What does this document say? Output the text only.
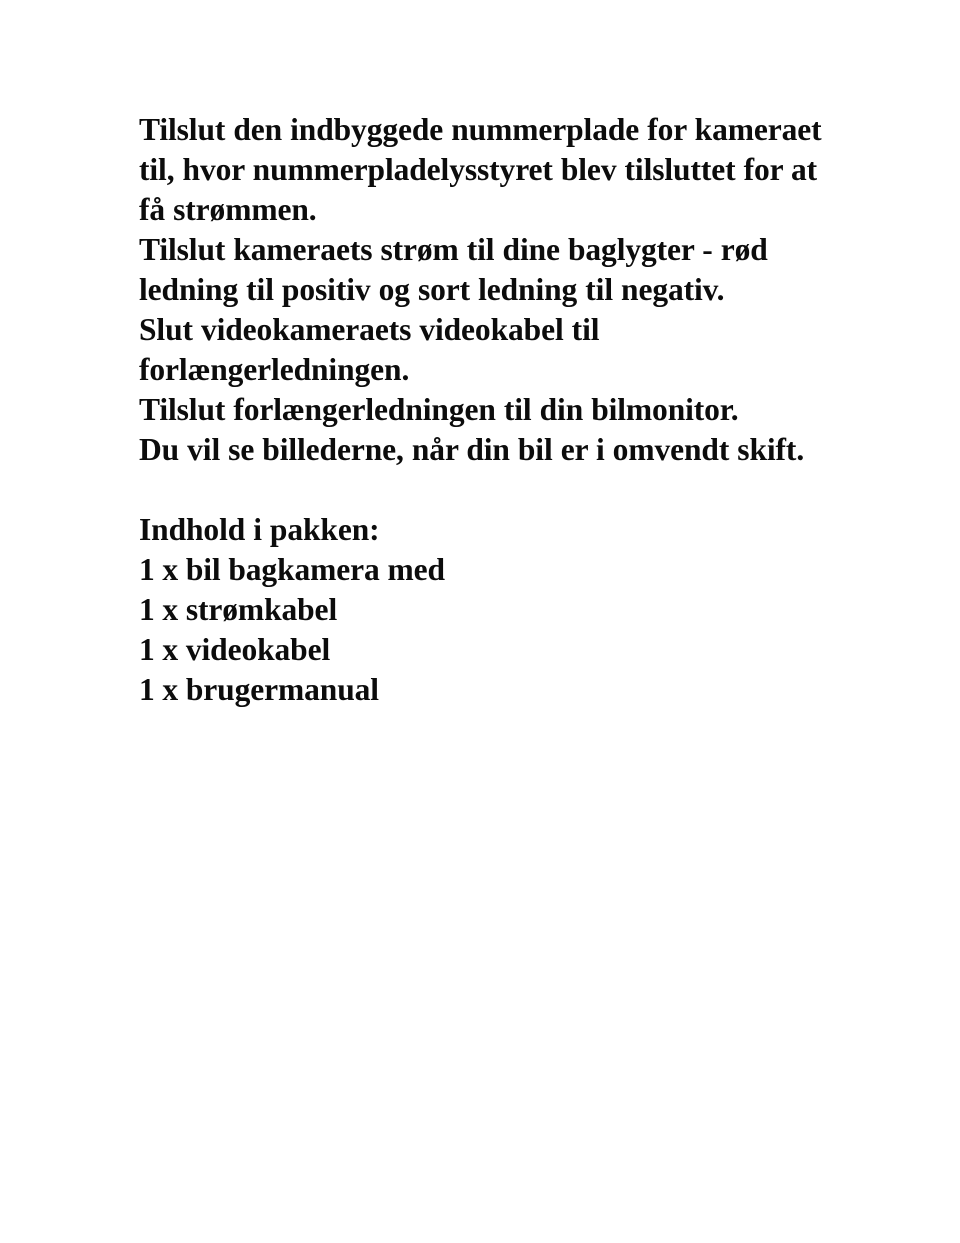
Tilslut den indbyggede nummerplade for kameraet til, hvor nummerpladelysstyret blev tilsluttet for at få strømmen.

Tilslut kameraets strøm til dine baglygter - rød ledning til positiv og sort ledning til negativ.

Slut videokameraets videokabel til forlængerledningen.

Tilslut forlængerledningen til din bilmonitor.

Du vil se billederne, når din bil er i omvendt skift.

Indhold i pakken:

1 x bil bagkamera med
1 x strømkabel
1 x videokabel
1 x brugermanual
